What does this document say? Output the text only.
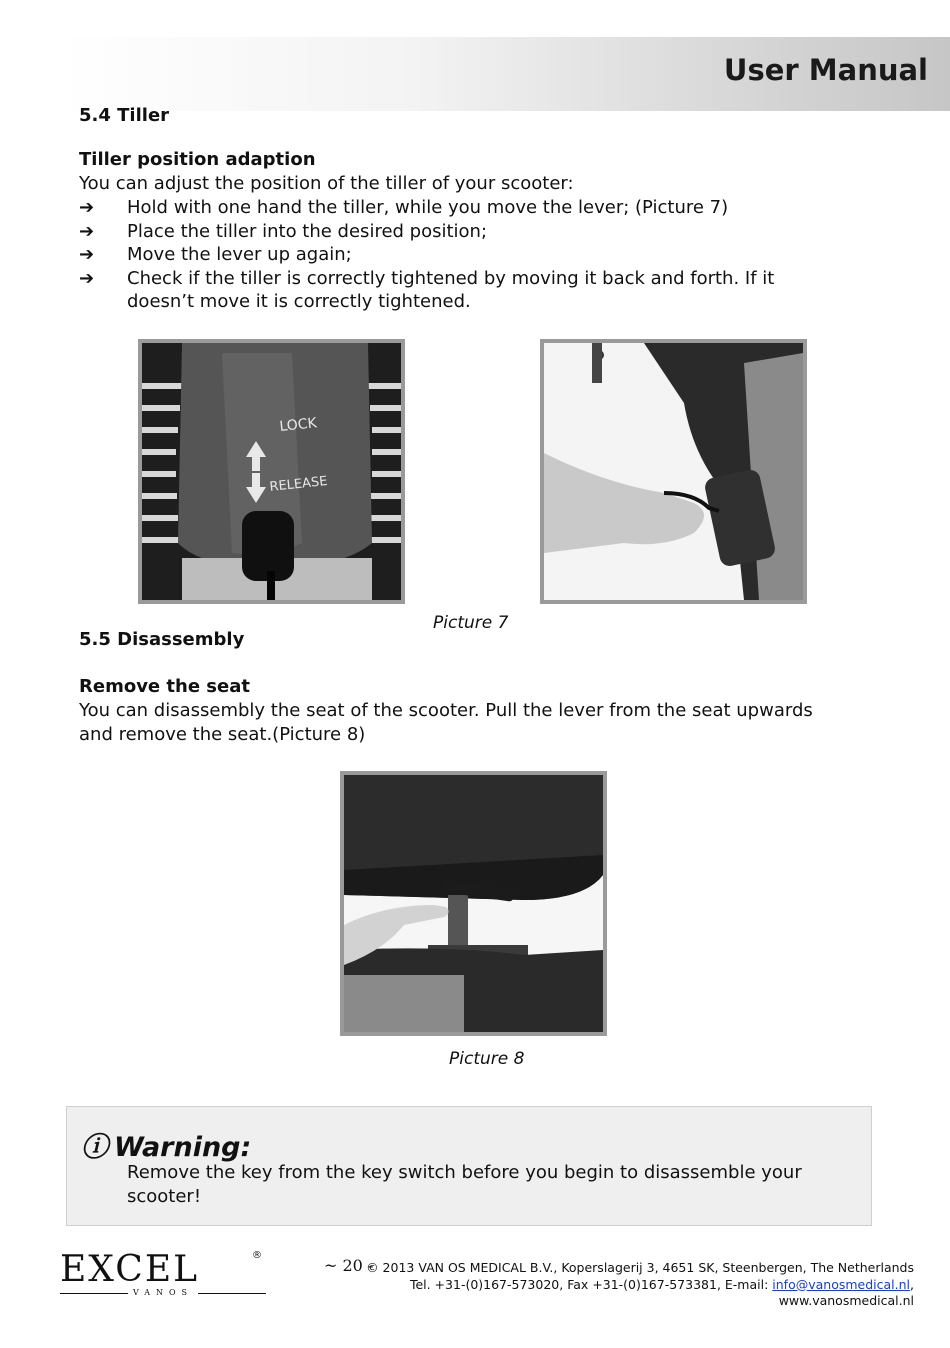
User Manual
5.4 Tiller
Tiller position adaption
You can adjust the position of the tiller of your scooter:
➔ Hold with one hand the tiller, while you move the lever; (Picture 7)
➔ Place the tiller into the desired position;
➔ Move the lever up again;
➔ Check if the tiller is correctly tightened by moving it back and forth. If it doesn’t move it is correctly tightened.
LOCK
RELEASE
Picture 7
5.5 Disassembly
Remove the seat
You can disassembly the seat of the scooter. Pull the lever from the seat upwards
and remove the seat.(Picture 8)
Picture 8
ⓘ Warning:
Remove the key from the key switch before you begin to disassemble your scooter!
EXCEL	®
VANOS
~ 20 -
© 2013 VAN OS MEDICAL B.V., Koperslagerij 3, 4651 SK, Steenbergen, The Netherlands
Tel. +31-(0)167-573020, Fax +31-(0)167-573381, E-mail: info@vanosmedical.nl,
www.vanosmedical.nl
